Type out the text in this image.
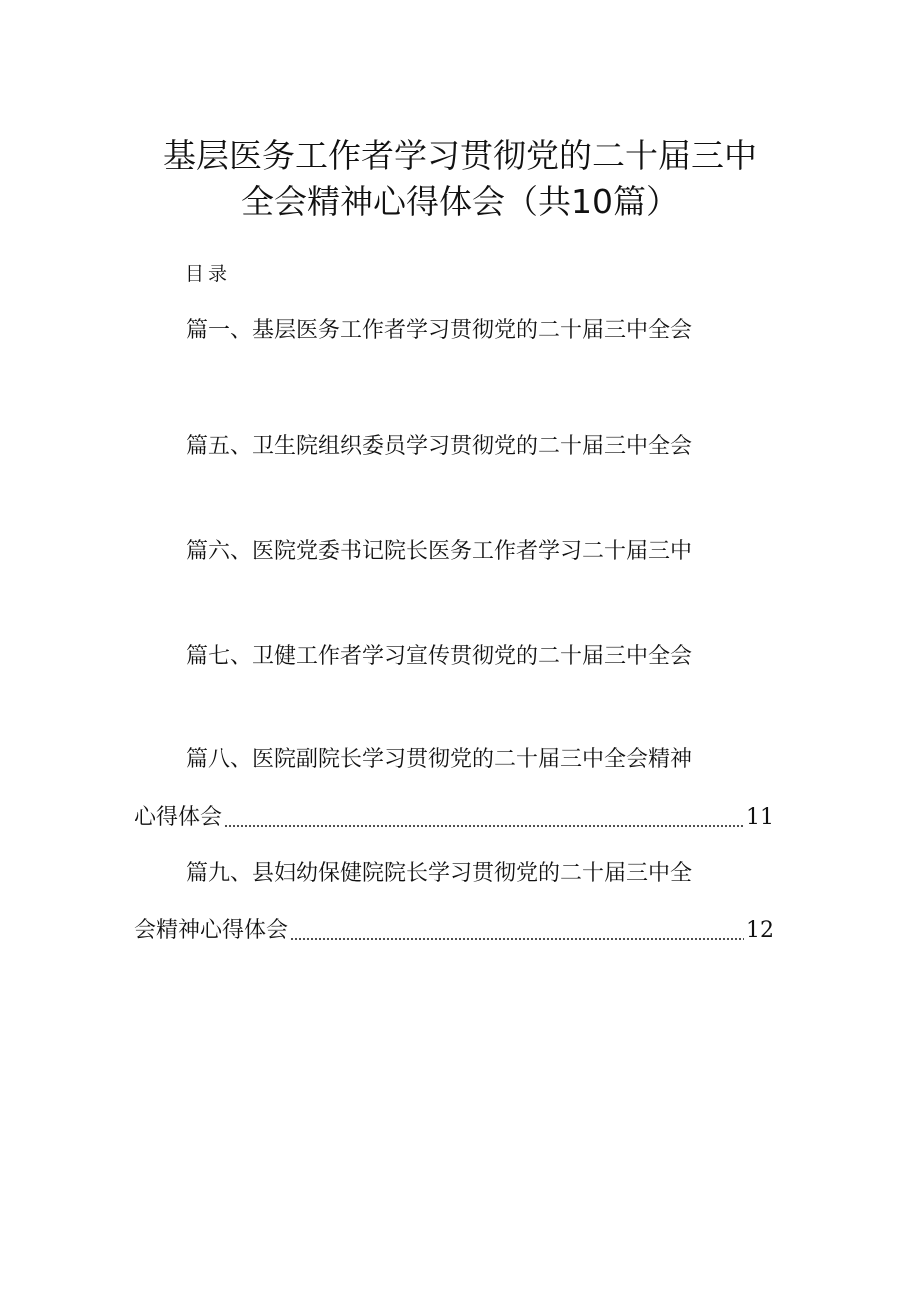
基层医务工作者学习贯彻党的二十届三中
全会精神心得体会（共10篇）
目录
篇一、基层医务工作者学习贯彻党的二十届三中全会
篇五、卫生院组织委员学习贯彻党的二十届三中全会
篇六、医院党委书记院长医务工作者学习二十届三中
篇七、卫健工作者学习宣传贯彻党的二十届三中全会
篇八、医院副院长学习贯彻党的二十届三中全会精神
心得体会	11
篇九、县妇幼保健院院长学习贯彻党的二十届三中全
会精神心得体会	12
